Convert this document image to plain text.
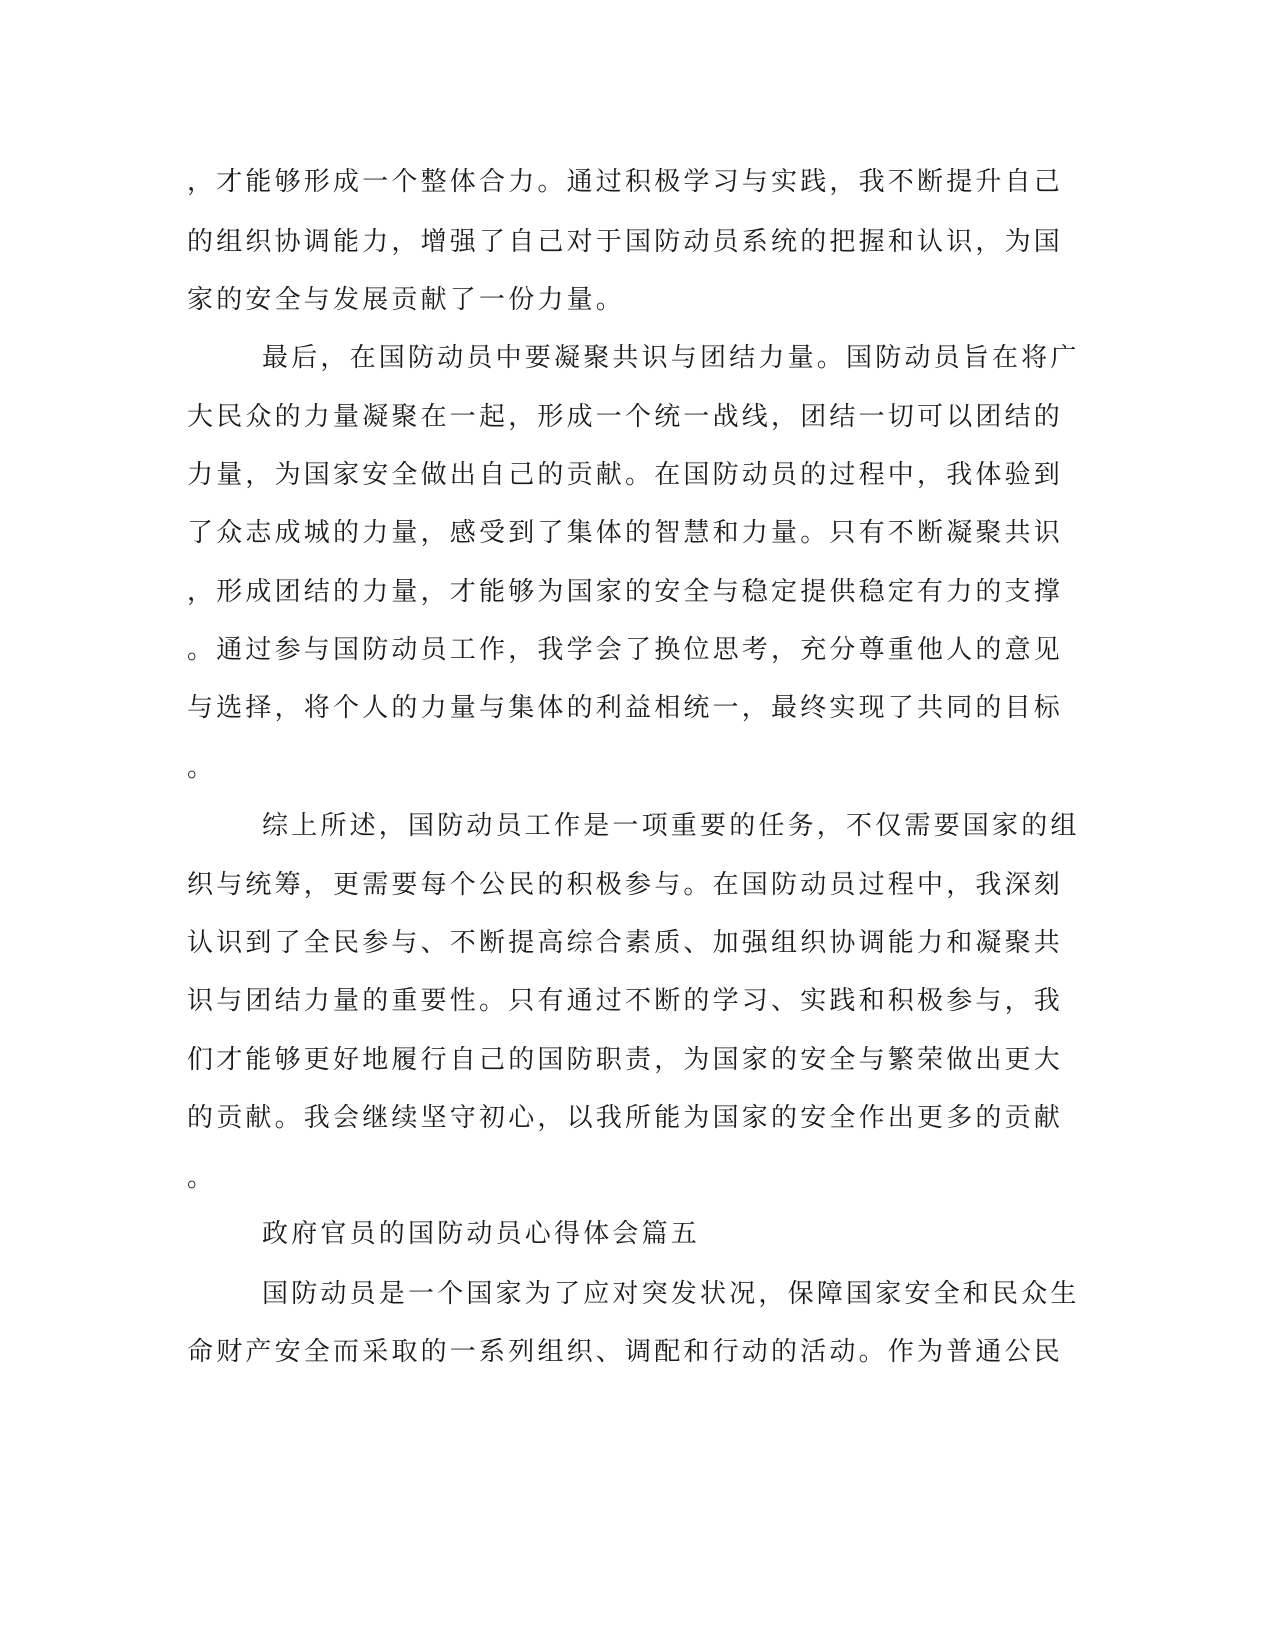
，才能够形成一个整体合力。通过积极学习与实践，我不断提升自己
的组织协调能力，增强了自己对于国防动员系统的把握和认识，为国
家的安全与发展贡献了一份力量。
最后，在国防动员中要凝聚共识与团结力量。国防动员旨在将广
大民众的力量凝聚在一起，形成一个统一战线，团结一切可以团结的
力量，为国家安全做出自己的贡献。在国防动员的过程中，我体验到
了众志成城的力量，感受到了集体的智慧和力量。只有不断凝聚共识
，形成团结的力量，才能够为国家的安全与稳定提供稳定有力的支撑
。通过参与国防动员工作，我学会了换位思考，充分尊重他人的意见
与选择，将个人的力量与集体的利益相统一，最终实现了共同的目标
。
综上所述，国防动员工作是一项重要的任务，不仅需要国家的组
织与统筹，更需要每个公民的积极参与。在国防动员过程中，我深刻
认识到了全民参与、不断提高综合素质、加强组织协调能力和凝聚共
识与团结力量的重要性。只有通过不断的学习、实践和积极参与，我
们才能够更好地履行自己的国防职责，为国家的安全与繁荣做出更大
的贡献。我会继续坚守初心，以我所能为国家的安全作出更多的贡献
。
政府官员的国防动员心得体会篇五
国防动员是一个国家为了应对突发状况，保障国家安全和民众生
命财产安全而采取的一系列组织、调配和行动的活动。作为普通公民
